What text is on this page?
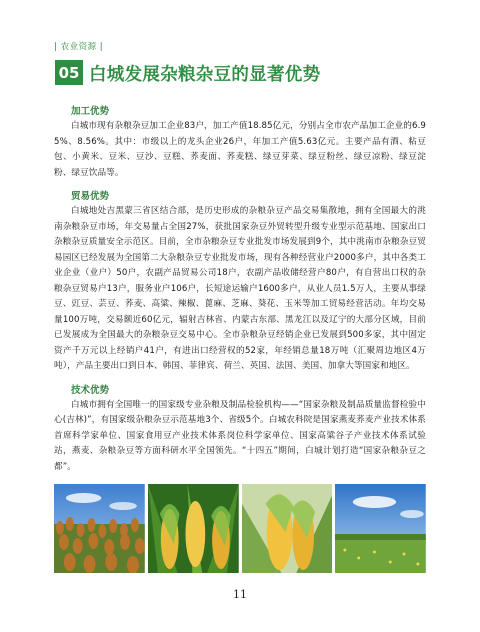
| 农业资源 |
05 白城发展杂粮杂豆的显著优势
加工优势

白城市现有杂粮杂豆加工企业83户，加工产值18.85亿元，分别占全市农产品加工企业的6.95%、8.56%。其中：市级以上的龙头企业26户，年加工产值5.63亿元。主要产品有酒、粘豆包、小黄米、豆米、豆沙、豆糕、荞麦面、荞麦糕、绿豆芽菜、绿豆粉丝、绿豆凉粉、绿豆淀粉、绿豆饮品等。

贸易优势

白城地处吉黑蒙三省区结合部，是历史形成的杂粮杂豆产品交易集散地，拥有全国最大的洮南杂粮杂豆市场，年交易量占全国27%，获批国家杂豆外贸转型升级专业型示范基地、国家出口杂粮杂豆质量安全示范区。目前，全市杂粮杂豆专业批发市场发展到9个，其中洮南市杂粮杂豆贸易园区已经发展为全国第二大杂粮杂豆专业批发市场，现有各种经营业户2000多户，其中各类工业企业（业户）50户，农副产品贸易公司18户，农副产品收储经营户80户，有自营出口权的杂粮杂豆贸易户13户，服务业户106户，长短途运输户1600多户，从业人员1.5万人，主要从事绿豆、豇豆、芸豆、荞麦、高粱、辣椒、蓖麻、芝麻、葵花、玉米等加工贸易经营活动。年均交易量100万吨，交易额近60亿元，辐射吉林省、内蒙古东部、黑龙江以及辽宁的大部分区域，目前已发展成为全国最大的杂粮杂豆交易中心。全市杂粮杂豆经销企业已发展到500多家，其中固定资产千万元以上经销户41户，有进出口经营权的52家，年经销总量18万吨（汇聚周边地区4万吨），产品主要出口到日本、韩国、菲律宾、荷兰、英国、法国、美国、加拿大等国家和地区。

技术优势

白城市拥有全国唯一的国家级专业杂粮及制品检验机构——“国家杂粮及制品质量监督检验中心(吉林)”，有国家级杂粮杂豆示范基地3个、省级5个。白城农科院是国家燕麦荞麦产业技术体系首席科学家单位、国家食用豆产业技术体系岗位科学家单位、国家高粱谷子产业技术体系试验站，燕麦、杂粮杂豆等方面科研水平全国领先。“十四五”期间，白城计划打造“国家杂粮杂豆之都”。

11
